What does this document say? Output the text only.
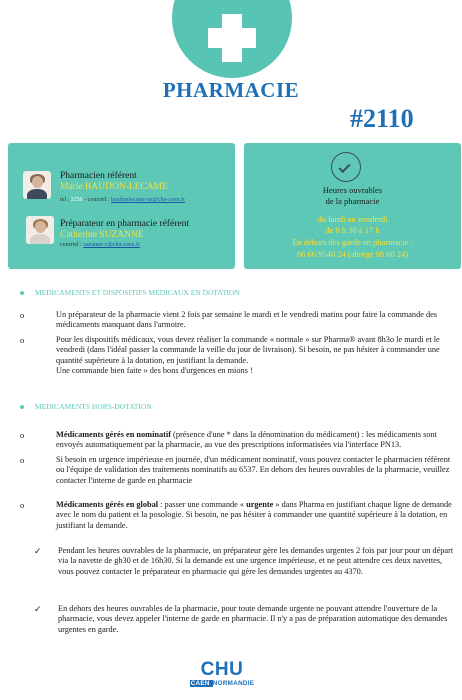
PHARMACIE
#2110
Pharmacien référent
Marie BAUDON-LECAME
tel : 3256 - courriel : baudonlecame-m@chu-caen.fr
Préparateur en pharmacie référent
Catherine SUZANNE
courriel : suzanne-c@chu-caen.fr
Heures ouvrables
de la pharmacie
du lundi au vendredi
de 8 h 30 à 17 h
En dehors des garde en pharmacie :
06 66 9540 24 (abrégé 98 60 24)
MEDICAMENTS ET DISPOSITIFS MEDICAUX EN DOTATION
o	Un préparateur de la pharmacie vient 2 fois par semaine le mardi et le vendredi matins pour faire la commande des médicaments manquant dans l'armoire.
o	Pour les dispositifs médicaux, vous devez réaliser la commande « normale » sur Pharma® avant 8h3o le mardi et le vendredi (dans l'idéal passer la commande la veille du jour de livraison). Si besoin, ne pas hésiter à commander une quantité supérieure à la dotation, en justifiant la demande.
Une commande bien faite » des bons d'urgences en mions !
MEDICAMENTS HORS-DOTATION
o	Médicaments gérés en nominatif (présence d'une * dans la dénomination du médicament) : les médicaments sont envoyés automatiquement par la pharmacie, au vue des prescriptions informatisées via l'interface PN13.
o	Si besoin en urgence impérieuse en journée, d'un médicament nominatif, vous pouvez contacter le pharmacien référent ou l'équipe de validation des traitements nominatifs au 6537. En dehors des heures ouvrables de la pharmacie, veuillez contacter l'interne de garde en pharmacie
o	Médicaments gérés en global : passer une commande « urgente » dans Pharma en justifiant chaque ligne de demande avec le nom du patient et la posologie. Si besoin, ne pas hésiter à commander une quantité supérieure à la dotation, en justifiant la demande.
✓ Pendant les heures ouvrables de la pharmacie, un préparateur gère les demandes urgentes 2 fois par jour pour un départ via la navette de gh30 et de 16h30. Si la demande est une urgence impérieuse, et ne peut attendre ces deux navettes, vous pouvez contacter le préparateur en pharmacie qui gère les demandes urgentes au 4370.
✓ En dehors des heures ouvrables de la pharmacie, pour toute demande urgente ne pouvant attendre l'ouverture de la pharmacie, vous devez appeler l'interne de garde en pharmacie. Il n'y a pas de préparation automatique des demandes urgentes en garde.
CHU
CAEN NORMANDIE
